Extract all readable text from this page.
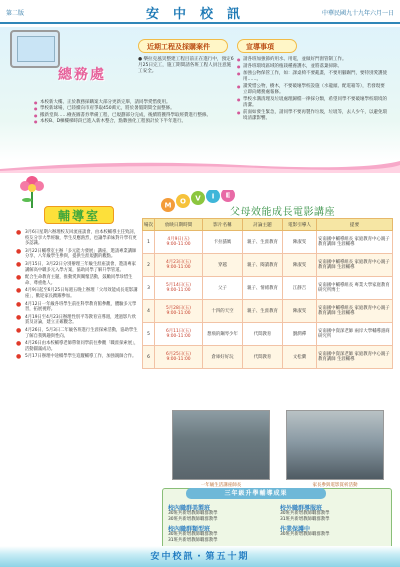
第二版	安中校訊	中華民國九十九年六月一日
總務處
近期工程及採購案件	宣導事項
● 樂拉克風災整建工程目前正在進行中，預定6月25日完工，施工期間請各班工程人員注意施工安全。
● 請各班加強節約用水、用電，並做好門窗管制工作。
● 請各班環境區域的植栽種養護水，並將落葉掃除。
● 加強公物保管工作，如：課桌椅不要亂畫，不要用腳踢門，要特別愛護使用……。
● 讀愛惜公物，樹木，不要破壞學校設施（水龍頭、配電箱等），若發現要立即向總務處報修。
● 學校水溝清理及垃圾處理歸檔一律採分類，希望同學不要破壞學校環境的清潔。
● 前面如發生緊急，請同學不要再製作垃圾，垃圾等，去人少午，以避免環境清潔影響。
● 本校新大樓、正於教務採購案大部分更新完畢，請同學愛惜使用。
● 學校新球場，已陸續向市府爭取450萬元，將於暑假期間全面整修。
● 搬新堂與……檢查圖書券準備工程，已規劃部分完成，後續將獲得學取經費進行整修。
● 本校B、D棟樓梯時段已進入新木整合，點數強化工程預計於下半年進行。
輔導室
● 3月6日星期六辦理校友回流座談會，由本校輔導主任致詞，校友分享大學經驗，學生反應熱烈，也讓學弟妹對升學有更多認識。
● 3月22日輔導室主辦「多元能力發展」講座，邀請專業講師分享，八年級學生參與，提供生涯規劃的觀點。
● 3月15日、3月22日分別辦理三年級生涯座談會，邀請專家講解高中職多元入學方案，協助同學了解升學管道。
● 配合生命教育主題，推動愛與關懷活動，鼓勵同學珍惜生命、尊重他人。
● 4月9日起至6月25日每週五晚上辦理「父母效能成長電影講座」，歡迎家長踴躍參加。
● 4月12日一年級各班學生前往科學教育館參觀，體驗多元學習，拓展視野。
● 4月19日至4月23日辦理性別平等教育宣導週，透過影片欣賞及討論，建立正確觀念。
● 4月26日、5月3日二年級各班進行生涯探索活動，協助學生了解自我興趣與性向。
● 4月26日由本校輔導老師帶領同學前往參觀「職涯探索展」，活動圓滿成功。
● 5月17日辦理中途輟學學生追蹤輔導工作，加強親師合作。
M O V I E
父母效能成長電影講座
場次	放映日期時間	影片名稱	討論主題	電影引導人	提要
1	4月9日(五)
9:00-11:00	卡拉貓媽	親子、生涯教育	陳淑雯	安南國中輔導組長 家庭教育中心親子教育講師 生涯輔導
2	4月23日(五)
9:00-11:00	穿越	親子、閱讀教育	陳淑雯	安南國中輔導組長 家庭教育中心親子教育講師 生涯輔導
3	5月14日(五)
9:00-11:00	父子	親子、情緒教育	江靜吉	安南國中輔導組長 專業大學家庭教育研究所博士
4	5月28日(五)
9:00-11:00	十四的天空	親子、生涯教育	陳淑雯	安南國中輔導組長 家庭教育中心親子教育講師 生涯輔導
5	6月11日(五)
9:00-11:00	想飛的鋼琴少年	代間教育	劉潤禪	安南國中資深老師 兩岸大學輔導諮商研究所
6	6月25日(五)
9:00-11:00	倉庫好好玩	代間教育	文松蘭	安南國中資深老師 家庭教育中心親子教育講師 生涯輔導
一年級生活講座師長	家長參與電影賞析活動
三年級升學輔導成果
校內職群美製班
30班共新增教師職群教學
30班共新增教師職群教學
校內職群類型班
30班共新增教師職群教學
31班共新增教師職群教學
校外職群導服班
30班共新增教師職群教學
31班共新增教師職群教學
作業保護中
30班共新增教師職群教學
安中校訊・第五十期
